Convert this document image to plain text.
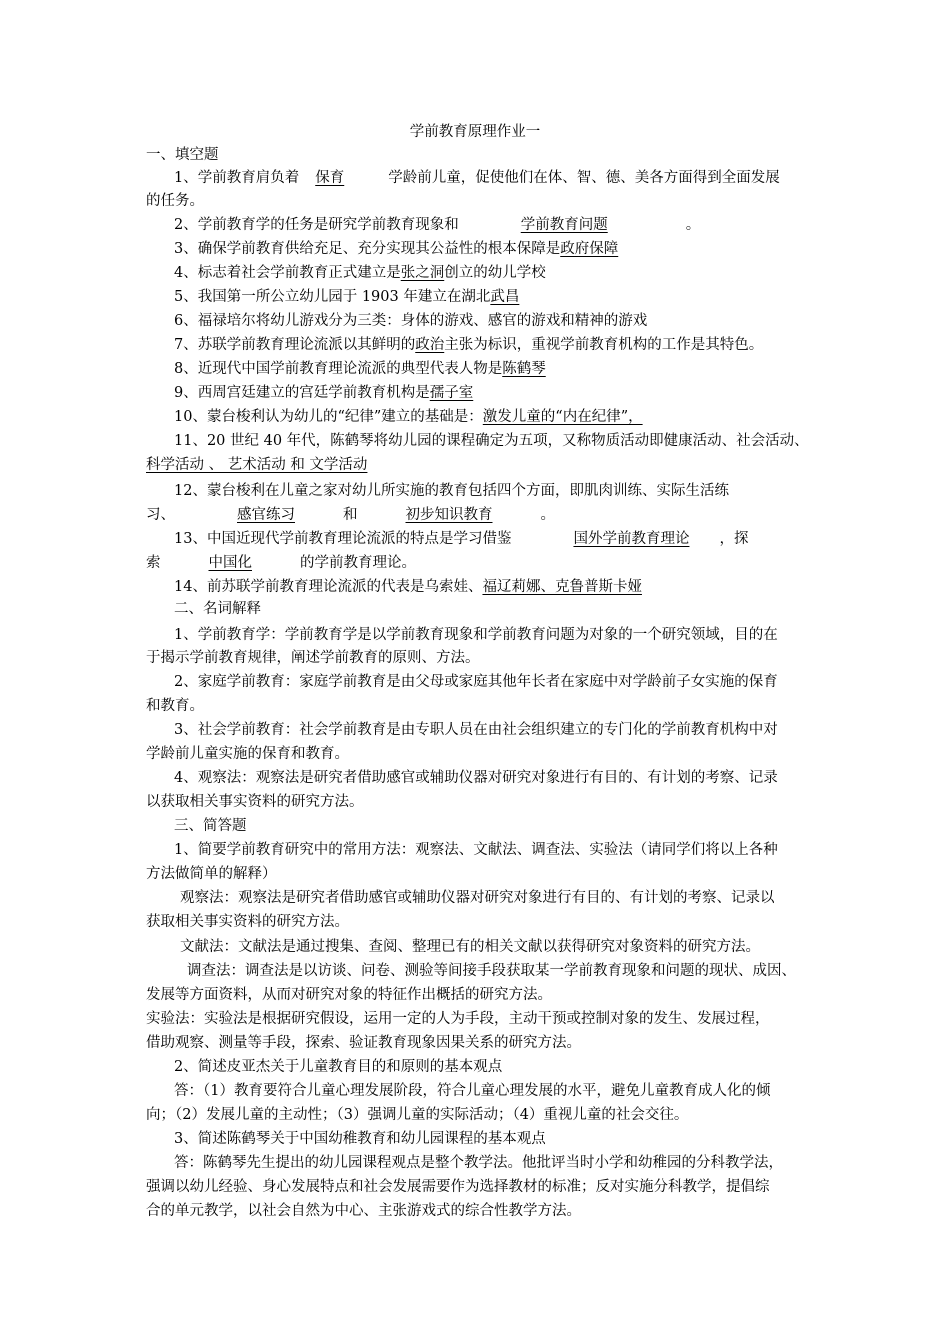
学前教育原理作业一
一、填空题
1、学前教育肩负着 保育	学龄前儿童，促使他们在体、智、德、美各方面得到全面发展
的任务。
2、学前教育学的任务是研究学前教育现象和	学前教育问题	。
3、确保学前教育供给充足、充分实现其公益性的根本保障是政府保障
4、标志着社会学前教育正式建立是张之洞创立的幼儿学校
5、我国第一所公立幼儿园于 1903 年建立在湖北武昌
6、福禄培尔将幼儿游戏分为三类：身体的游戏、感官的游戏和精神的游戏
7、苏联学前教育理论流派以其鲜明的政治主张为标识，重视学前教育机构的工作是其特色。
8、近现代中国学前教育理论流派的典型代表人物是陈鹤琴
9、西周宫廷建立的宫廷学前教育机构是孺子室
10、蒙台梭利认为幼儿的“纪律”建立的基础是：激发儿童的“内在纪律”，
11、20 世纪 40 年代，陈鹤琴将幼儿园的课程确定为五项，又称物质活动即健康活动、社会活动、
科学活动 、 艺术活动 和 文学活动
12、蒙台梭利在儿童之家对幼儿所实施的教育包括四个方面，即肌肉训练、实际生活练
习、	感官练习	和	初步知识教育	。
13、中国近现代学前教育理论流派的特点是学习借鉴	国外学前教育理论 ，探
索	中国化	的学前教育理论。
14、前苏联学前教育理论流派的代表是乌索娃、福辽莉娜、克鲁普斯卡娅
二、名词解释
1、学前教育学：学前教育学是以学前教育现象和学前教育问题为对象的一个研究领域，目的在
于揭示学前教育规律，阐述学前教育的原则、方法。
2、家庭学前教育：家庭学前教育是由父母或家庭其他年长者在家庭中对学龄前子女实施的保育
和教育。
3、社会学前教育：社会学前教育是由专职人员在由社会组织建立的专门化的学前教育机构中对
学龄前儿童实施的保育和教育。
4、观察法：观察法是研究者借助感官或辅助仪器对研究对象进行有目的、有计划的考察、记录
以获取相关事实资料的研究方法。
三、简答题
1、简要学前教育研究中的常用方法：观察法、文献法、调查法、实验法（请同学们将以上各种
方法做简单的解释）
观察法：观察法是研究者借助感官或辅助仪器对研究对象进行有目的、有计划的考察、记录以
获取相关事实资料的研究方法。
文献法：文献法是通过搜集、查阅、整理已有的相关文献以获得研究对象资料的研究方法。
调查法：调查法是以访谈、问卷、测验等间接手段获取某一学前教育现象和问题的现状、成因、
发展等方面资料，从而对研究对象的特征作出概括的研究方法。
实验法：实验法是根据研究假设，运用一定的人为手段，主动干预或控制对象的发生、发展过程，
借助观察、测量等手段，探索、验证教育现象因果关系的研究方法。
2、简述皮亚杰关于儿童教育目的和原则的基本观点
答：（1）教育要符合儿童心理发展阶段，符合儿童心理发展的水平，避免儿童教育成人化的倾
向；（2）发展儿童的主动性；（3）强调儿童的实际活动；（4）重视儿童的社会交往。
3、简述陈鹤琴关于中国幼稚教育和幼儿园课程的基本观点
答：陈鹤琴先生提出的幼儿园课程观点是整个教学法。他批评当时小学和幼稚园的分科教学法，
强调以幼儿经验、身心发展特点和社会发展需要作为选择教材的标准；反对实施分科教学，提倡综
合的单元教学，以社会自然为中心、主张游戏式的综合性教学方法。
